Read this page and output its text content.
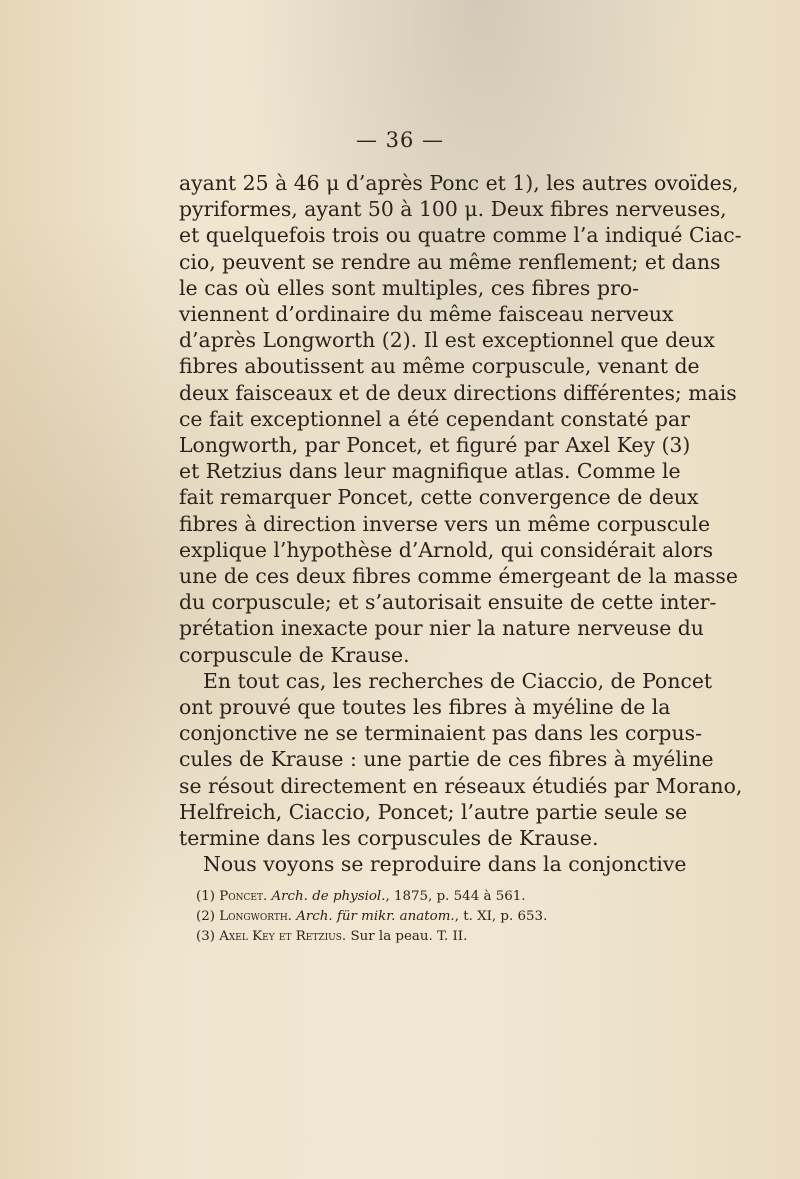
— 36 —
ayant 25 à 46 μ d’après Ponc et 1), les autres ovoïdes,
pyriformes, ayant 50 à 100 μ. Deux fibres nerveuses,
et quelquefois trois ou quatre comme l’a indiqué Ciac-
cio, peuvent se rendre au même renflement; et dans
le cas où elles sont multiples, ces fibres pro-
viennent d’ordinaire du même faisceau nerveux
d’après Longworth (2). Il est exceptionnel que deux
fibres aboutissent au même corpuscule, venant de
deux faisceaux et de deux directions différentes; mais
ce fait exceptionnel a été cependant constaté par
Longworth, par Poncet, et figuré par Axel Key (3)
et Retzius dans leur magnifique atlas. Comme le
fait remarquer Poncet, cette convergence de deux
fibres à direction inverse vers un même corpuscule
explique l’hypothèse d’Arnold, qui considérait alors
une de ces deux fibres comme émergeant de la masse
du corpuscule; et s’autorisait ensuite de cette inter-
prétation inexacte pour nier la nature nerveuse du
corpuscule de Krause.
En tout cas, les recherches de Ciaccio, de Poncet
ont prouvé que toutes les fibres à myéline de la
conjonctive ne se terminaient pas dans les corpus-
cules de Krause : une partie de ces fibres à myéline
se résout directement en réseaux étudiés par Morano,
Helfreich, Ciaccio, Poncet; l’autre partie seule se
termine dans les corpuscules de Krause.
Nous voyons se reproduire dans la conjonctive
(1) Poncet. Arch. de physiol., 1875, p. 544 à 561.
(2) Longworth. Arch. für mikr. anatom., t. XI, p. 653.
(3) Axel Key et Retzius. Sur la peau. T. II.
